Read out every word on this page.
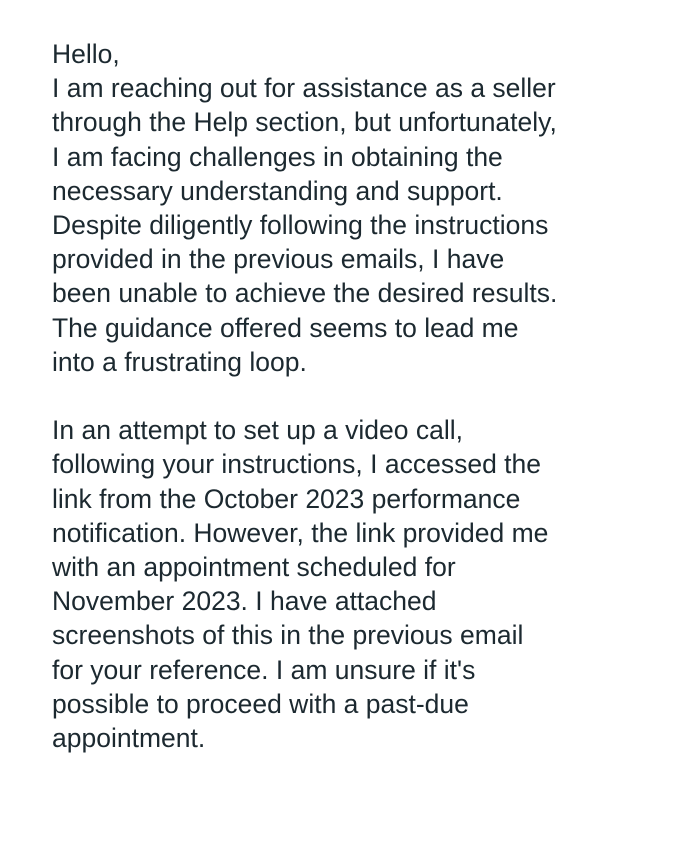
Hello,
I am reaching out for assistance as a seller
through the Help section, but unfortunately,
I am facing challenges in obtaining the
necessary understanding and support.
Despite diligently following the instructions
provided in the previous emails, I have
been unable to achieve the desired results.
The guidance offered seems to lead me
into a frustrating loop.
In an attempt to set up a video call,
following your instructions, I accessed the
link from the October 2023 performance
notification. However, the link provided me
with an appointment scheduled for
November 2023. I have attached
screenshots of this in the previous email
for your reference. I am unsure if it's
possible to proceed with a past-due
appointment.
